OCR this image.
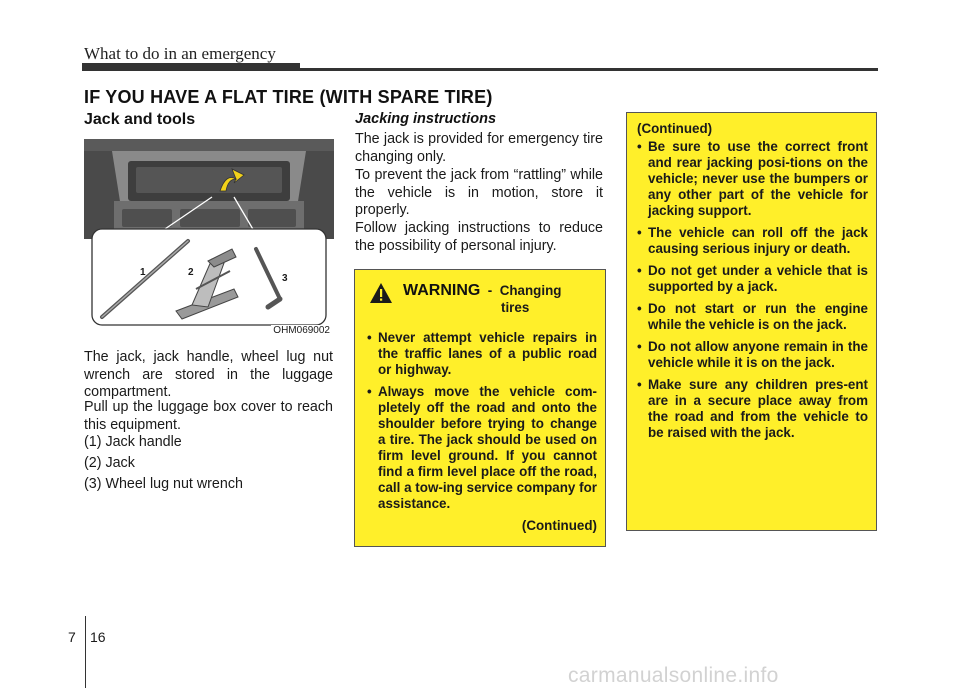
What to do in an emergency
IF YOU HAVE A FLAT TIRE (WITH SPARE TIRE)
Jack and tools
1	2
3
OHM069002

The jack, jack handle, wheel lug nut wrench are stored in the luggage compartment.

Pull up the luggage box cover to reach this equipment.

(1) Jack handle
(2) Jack
(3) Wheel lug nut wrench
Jacking instructions

The jack is provided for emergency tire changing only.

To prevent the jack from “rattling” while the vehicle is in motion, store it properly.

Follow jacking instructions to reduce the possibility of personal injury.

WARNING - Changing
tires
• Never attempt vehicle repairs in the traffic lanes of a public road or highway.
• Always move the vehicle com-pletely off the road and onto the shoulder before trying to change a tire. The jack should be used on firm level ground. If you cannot find a firm level place off the road, call a tow-ing service company for assistance.
(Continued)
(Continued)
• Be sure to use the correct front and rear jacking posi-tions on the vehicle; never use the bumpers or any other part of the vehicle for jacking support.
• The vehicle can roll off the jack causing serious injury or death.
• Do not get under a vehicle that is supported by a jack.
• Do not start or run the engine while the vehicle is on the jack.
• Do not allow anyone remain in the vehicle while it is on the jack.
• Make sure any children pres-ent are in a secure place away from the road and from the vehicle to be raised with the jack.
7 16
carmanualsonline.info
